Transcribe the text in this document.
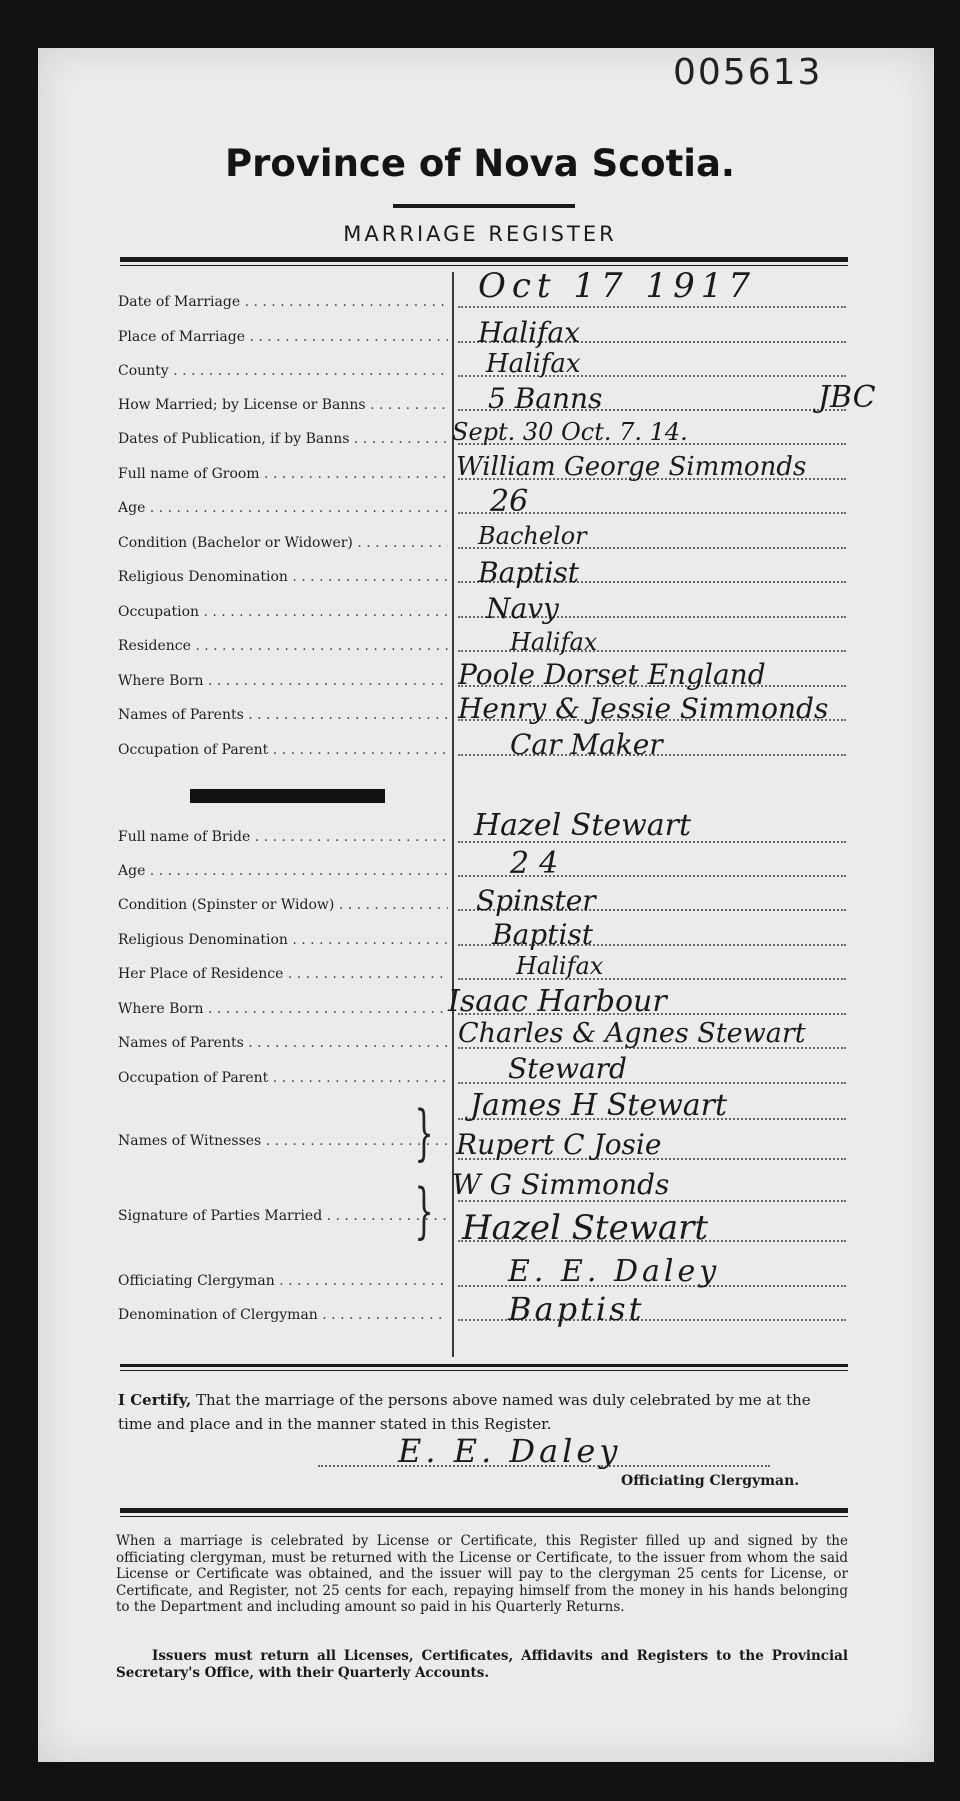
005613
Province of Nova Scotia.
MARRIAGE REGISTER
Date of Marriage . . .	Oct 17 1917
Place of Marriage . . .	Halifax
County . . .	Halifax
How Married; by License or Banns . . .	5 Banns	JBC
Dates of Publication, if by Banns . . .	Sept. 30 Oct. 7. 14.
Full name of Groom . . .	William George Simmonds
Age . . .	26
Condition (Bachelor or Widower) . . .	Bachelor
Religious Denomination . . .	Baptist
Occupation . . .	Navy
Residence . . .	Halifax
Where Born . . .	Poole Dorset England
Names of Parents . . .	Henry & Jessie Simmonds
Occupation of Parent . . .	Car Maker
Full name of Bride . . .	Hazel Stewart
Age . . .	24
Condition (Spinster or Widow) . . .	Spinster
Religious Denomination . . .	Baptist
Her Place of Residence . . .	Halifax
Where Born . . .	Isaac Harbour
Names of Parents . . .	Charles & Agnes Stewart
Occupation of Parent . . .	Steward
Names of Witnesses . . .	} James H Stewart
Rupert C Josie
Signature of Parties Married . . .	} W G Simmonds
Hazel Stewart
Officiating Clergyman . . .	E. E. Daley
Denomination of Clergyman . . .	Baptist
I Certify, That the marriage of the persons above named was duly celebrated by me at the time and place and in the manner stated in this Register.
E. E. Daley
Officiating Clergyman.
When a marriage is celebrated by License or Certificate, this Register filled up and signed by the officiating clergyman, must be returned with the License or Certificate, to the issuer from whom the said License or Certificate was obtained, and the issuer will pay to the clergyman 25 cents for License, or Certificate, and Register, not 25 cents for each, repaying himself from the money in his hands belonging to the Department and including amount so paid in his Quarterly Returns.
Issuers must return all Licenses, Certificates, Affidavits and Registers to the Provincial Secretary's Office, with their Quarterly Accounts.
